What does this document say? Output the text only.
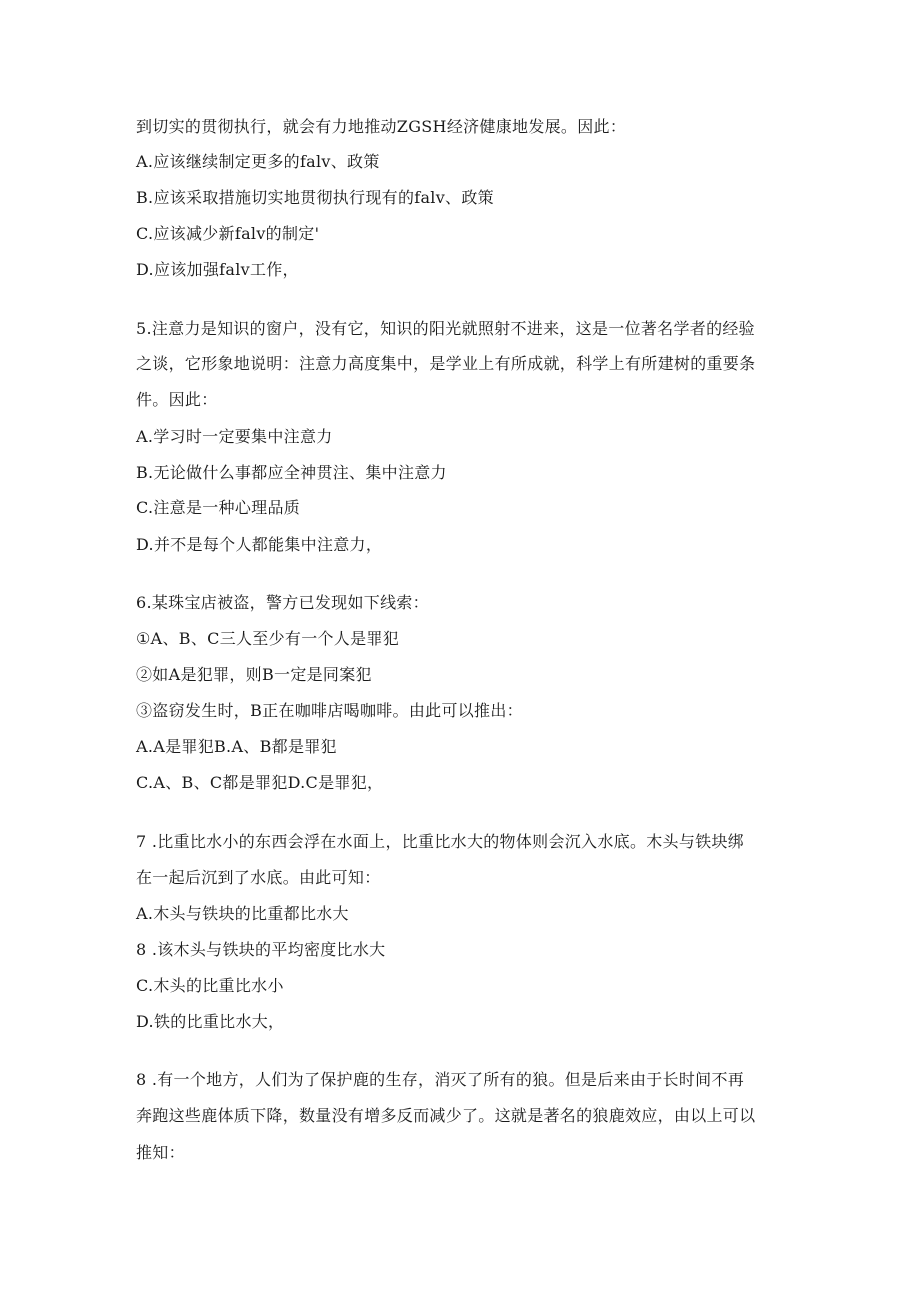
到切实的贯彻执行，就会有力地推动ZGSH经济健康地发展。因此：
A.应该继续制定更多的falv、政策
B.应该采取措施切实地贯彻执行现有的falv、政策
C.应该减少新falv的制定'
D.应该加强falv工作，
5.注意力是知识的窗户，没有它，知识的阳光就照射不进来，这是一位著名学者的经验
之谈，它形象地说明：注意力高度集中，是学业上有所成就，科学上有所建树的重要条
件。因此：
A.学习时一定要集中注意力
B.无论做什么事都应全神贯注、集中注意力
C.注意是一种心理品质
D.并不是每个人都能集中注意力，
6.某珠宝店被盗，警方已发现如下线索：
①A、B、C三人至少有一个人是罪犯
②如A是犯罪，则B一定是同案犯
③盗窃发生时，B正在咖啡店喝咖啡。由此可以推出：
A.A是罪犯B.A、B都是罪犯
C.A、B、C都是罪犯D.C是罪犯，
7 .比重比水小的东西会浮在水面上，比重比水大的物体则会沉入水底。木头与铁块绑
在一起后沉到了水底。由此可知：
A.木头与铁块的比重都比水大
8 .该木头与铁块的平均密度比水大
C.木头的比重比水小
D.铁的比重比水大，
8 .有一个地方，人们为了保护鹿的生存，消灭了所有的狼。但是后来由于长时间不再
奔跑这些鹿体质下降，数量没有增多反而减少了。这就是著名的狼鹿效应，由以上可以
推知：
